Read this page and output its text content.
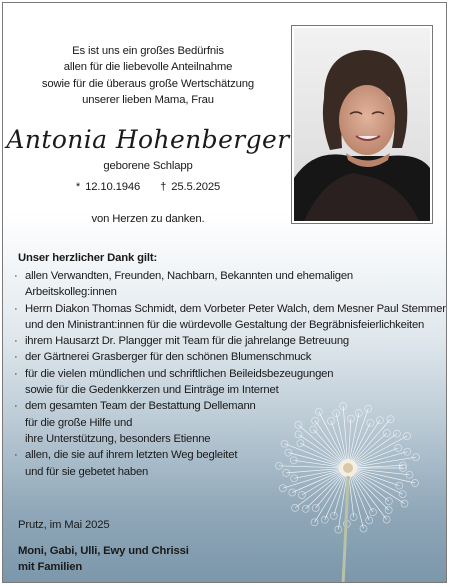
Es ist uns ein großes Bedürfnis
allen für die liebevolle Anteilnahme
sowie für die überaus große Wertschätzung
unserer lieben Mama, Frau
Antonia Hohenberger
geborene Schlapp
* 12.10.1946 † 25.5.2025
von Herzen zu danken.
Unser herzlicher Dank gilt:
· allen Verwandten, Freunden, Nachbarn, Bekannten und ehemaligen
Arbeitskolleg:innen
· Herrn Diakon Thomas Schmidt, dem Vorbeter Peter Walch, dem Mesner Paul Stemmer
und den Ministrant:innen für die würdevolle Gestaltung der Begräbnisfeierlichkeiten
· ihrem Hausarzt Dr. Plangger mit Team für die jahrelange Betreuung
· der Gärtnerei Grasberger für den schönen Blumenschmuck
· für die vielen mündlichen und schriftlichen Beileidsbezeugungen
sowie für die Gedenkkerzen und Einträge im Internet
· dem gesamten Team der Bestattung Dellemann
für die große Hilfe und
ihre Unterstützung, besonders Etienne
· allen, die sie auf ihrem letzten Weg begleitet
und für sie gebetet haben
Prutz, im Mai 2025
Moni, Gabi, Ulli, Ewy und Chrissi
mit Familien
